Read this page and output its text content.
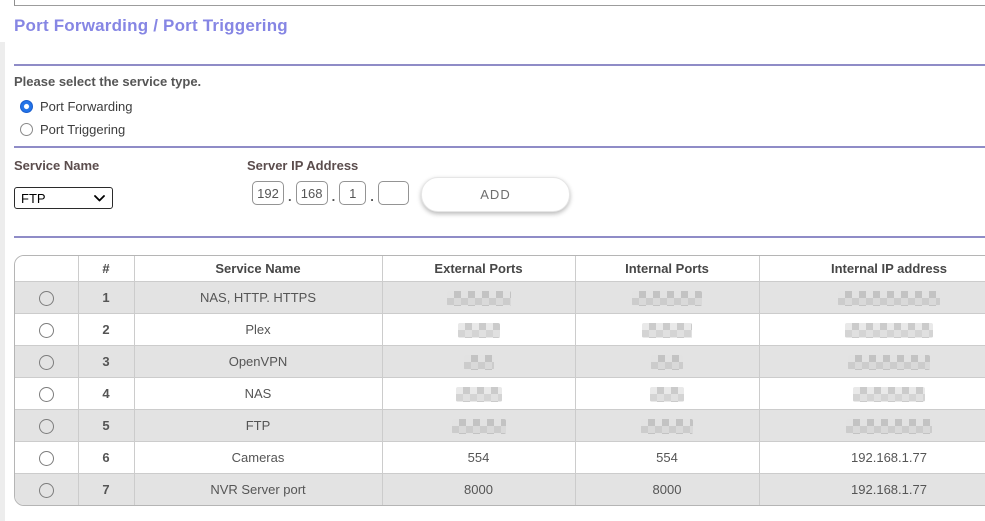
Port Forwarding / Port Triggering
Please select the service type.
Port Forwarding
Port Triggering
Service Name	Server IP Address
FTP
192	.
168	.
1	.	ADD
	#	Service Name	External Ports	Internal Ports	Internal IP address
	1	NAS, HTTP. HTTPS			
	2	Plex			
	3	OpenVPN			
	4	NAS			
	5	FTP			
	6	Cameras	554	554	192.168.1.77
	7	NVR Server port	8000	8000	192.168.1.77
